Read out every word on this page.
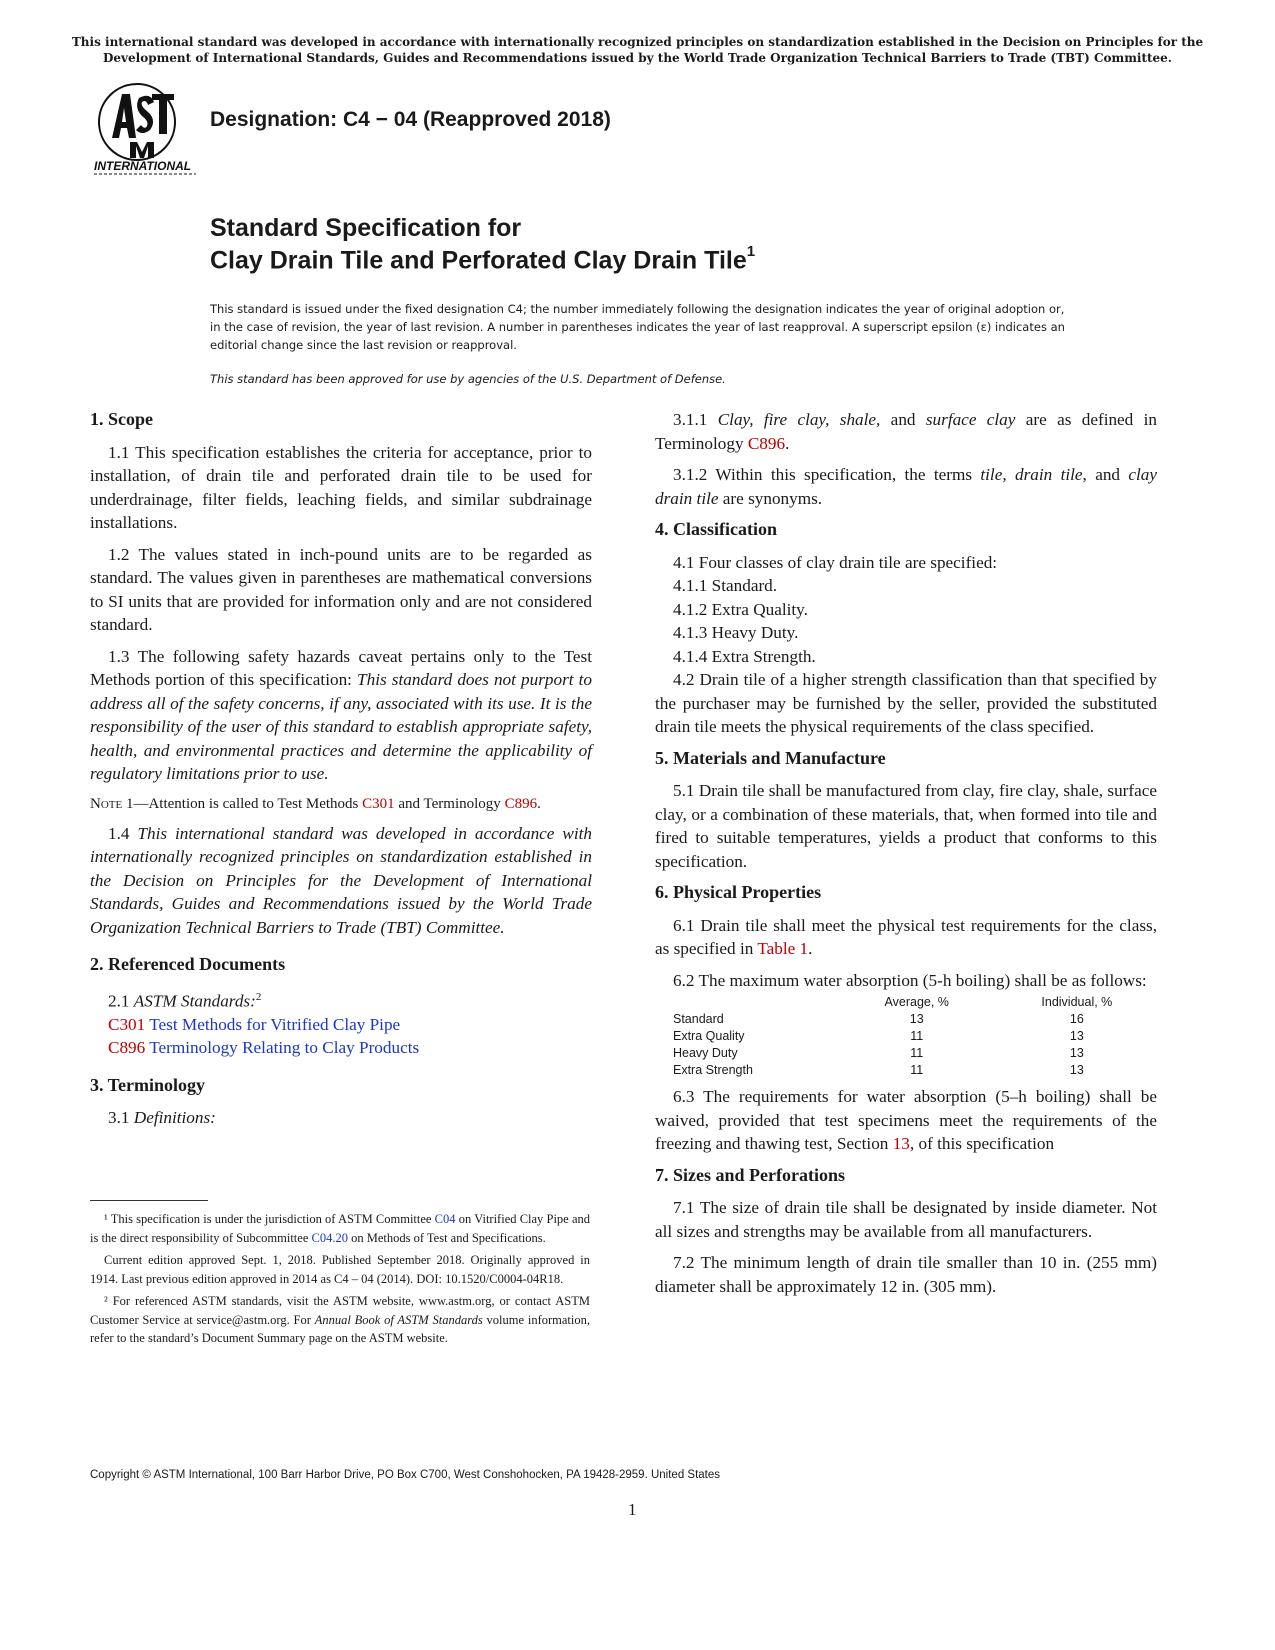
This international standard was developed in accordance with internationally recognized principles on standardization established in the Decision on Principles for the Development of International Standards, Guides and Recommendations issued by the World Trade Organization Technical Barriers to Trade (TBT) Committee.
INTERNATIONAL
Designation: C4 − 04 (Reapproved 2018)
Standard Specification for
Clay Drain Tile and Perforated Clay Drain Tile$^1$
This standard is issued under the fixed designation C4; the number immediately following the designation indicates the year of original adoption or, in the case of revision, the year of last revision. A number in parentheses indicates the year of last reapproval. A superscript epsilon (ε) indicates an editorial change since the last revision or reapproval.
This standard has been approved for use by agencies of the U.S. Department of Defense.
1. Scope

1.1 This specification establishes the criteria for acceptance, prior to installation, of drain tile and perforated drain tile to be used for underdrainage, filter fields, leaching fields, and similar subdrainage installations.

1.2 The values stated in inch-pound units are to be regarded as standard. The values given in parentheses are mathematical conversions to SI units that are provided for information only and are not considered standard.

1.3 The following safety hazards caveat pertains only to the Test Methods portion of this specification: This standard does not purport to address all of the safety concerns, if any, associated with its use. It is the responsibility of the user of this standard to establish appropriate safety, health, and environmental practices and determine the applicability of regulatory limitations prior to use.

Note 1—Attention is called to Test Methods C301 and Terminology C896.

1.4 This international standard was developed in accordance with internationally recognized principles on standardization established in the Decision on Principles for the Development of International Standards, Guides and Recommendations issued by the World Trade Organization Technical Barriers to Trade (TBT) Committee.

2. Referenced Documents

2.1 ASTM Standards:$^2$

C301 Test Methods for Vitrified Clay Pipe

C896 Terminology Relating to Clay Products

3. Terminology

3.1 Definitions:

¹ This specification is under the jurisdiction of ASTM Committee C04 on Vitrified Clay Pipe and is the direct responsibility of Subcommittee C04.20 on Methods of Test and Specifications.

Current edition approved Sept. 1, 2018. Published September 2018. Originally approved in 1914. Last previous edition approved in 2014 as C4 – 04 (2014). DOI: 10.1520/C0004-04R18.

² For referenced ASTM standards, visit the ASTM website, www.astm.org, or contact ASTM Customer Service at service@astm.org. For Annual Book of ASTM Standards volume information, refer to the standard’s Document Summary page on the ASTM website.

3.1.1 Clay, fire clay, shale, and surface clay are as defined in Terminology C896.

3.1.2 Within this specification, the terms tile, drain tile, and clay drain tile are synonyms.

4. Classification

4.1 Four classes of clay drain tile are specified:

4.1.1 Standard.

4.1.2 Extra Quality.

4.1.3 Heavy Duty.

4.1.4 Extra Strength.

4.2 Drain tile of a higher strength classification than that specified by the purchaser may be furnished by the seller, provided the substituted drain tile meets the physical requirements of the class specified.

5. Materials and Manufacture

5.1 Drain tile shall be manufactured from clay, fire clay, shale, surface clay, or a combination of these materials, that, when formed into tile and fired to suitable temperatures, yields a product that conforms to this specification.

6. Physical Properties

6.1 Drain tile shall meet the physical test requirements for the class, as specified in Table 1.

6.2 The maximum water absorption (5-h boiling) shall be as follows:

	Average, %	Individual, %
Standard	13	16
Extra Quality	11	13
Heavy Duty	11	13
Extra Strength	11	13

6.3 The requirements for water absorption (5–h boiling) shall be waived, provided that test specimens meet the requirements of the freezing and thawing test, Section 13, of this specification

7. Sizes and Perforations

7.1 The size of drain tile shall be designated by inside diameter. Not all sizes and strengths may be available from all manufacturers.

7.2 The minimum length of drain tile smaller than 10 in. (255 mm) diameter shall be approximately 12 in. (305 mm).

Copyright © ASTM International, 100 Barr Harbor Drive, PO Box C700, West Conshohocken, PA 19428-2959. United States
1
